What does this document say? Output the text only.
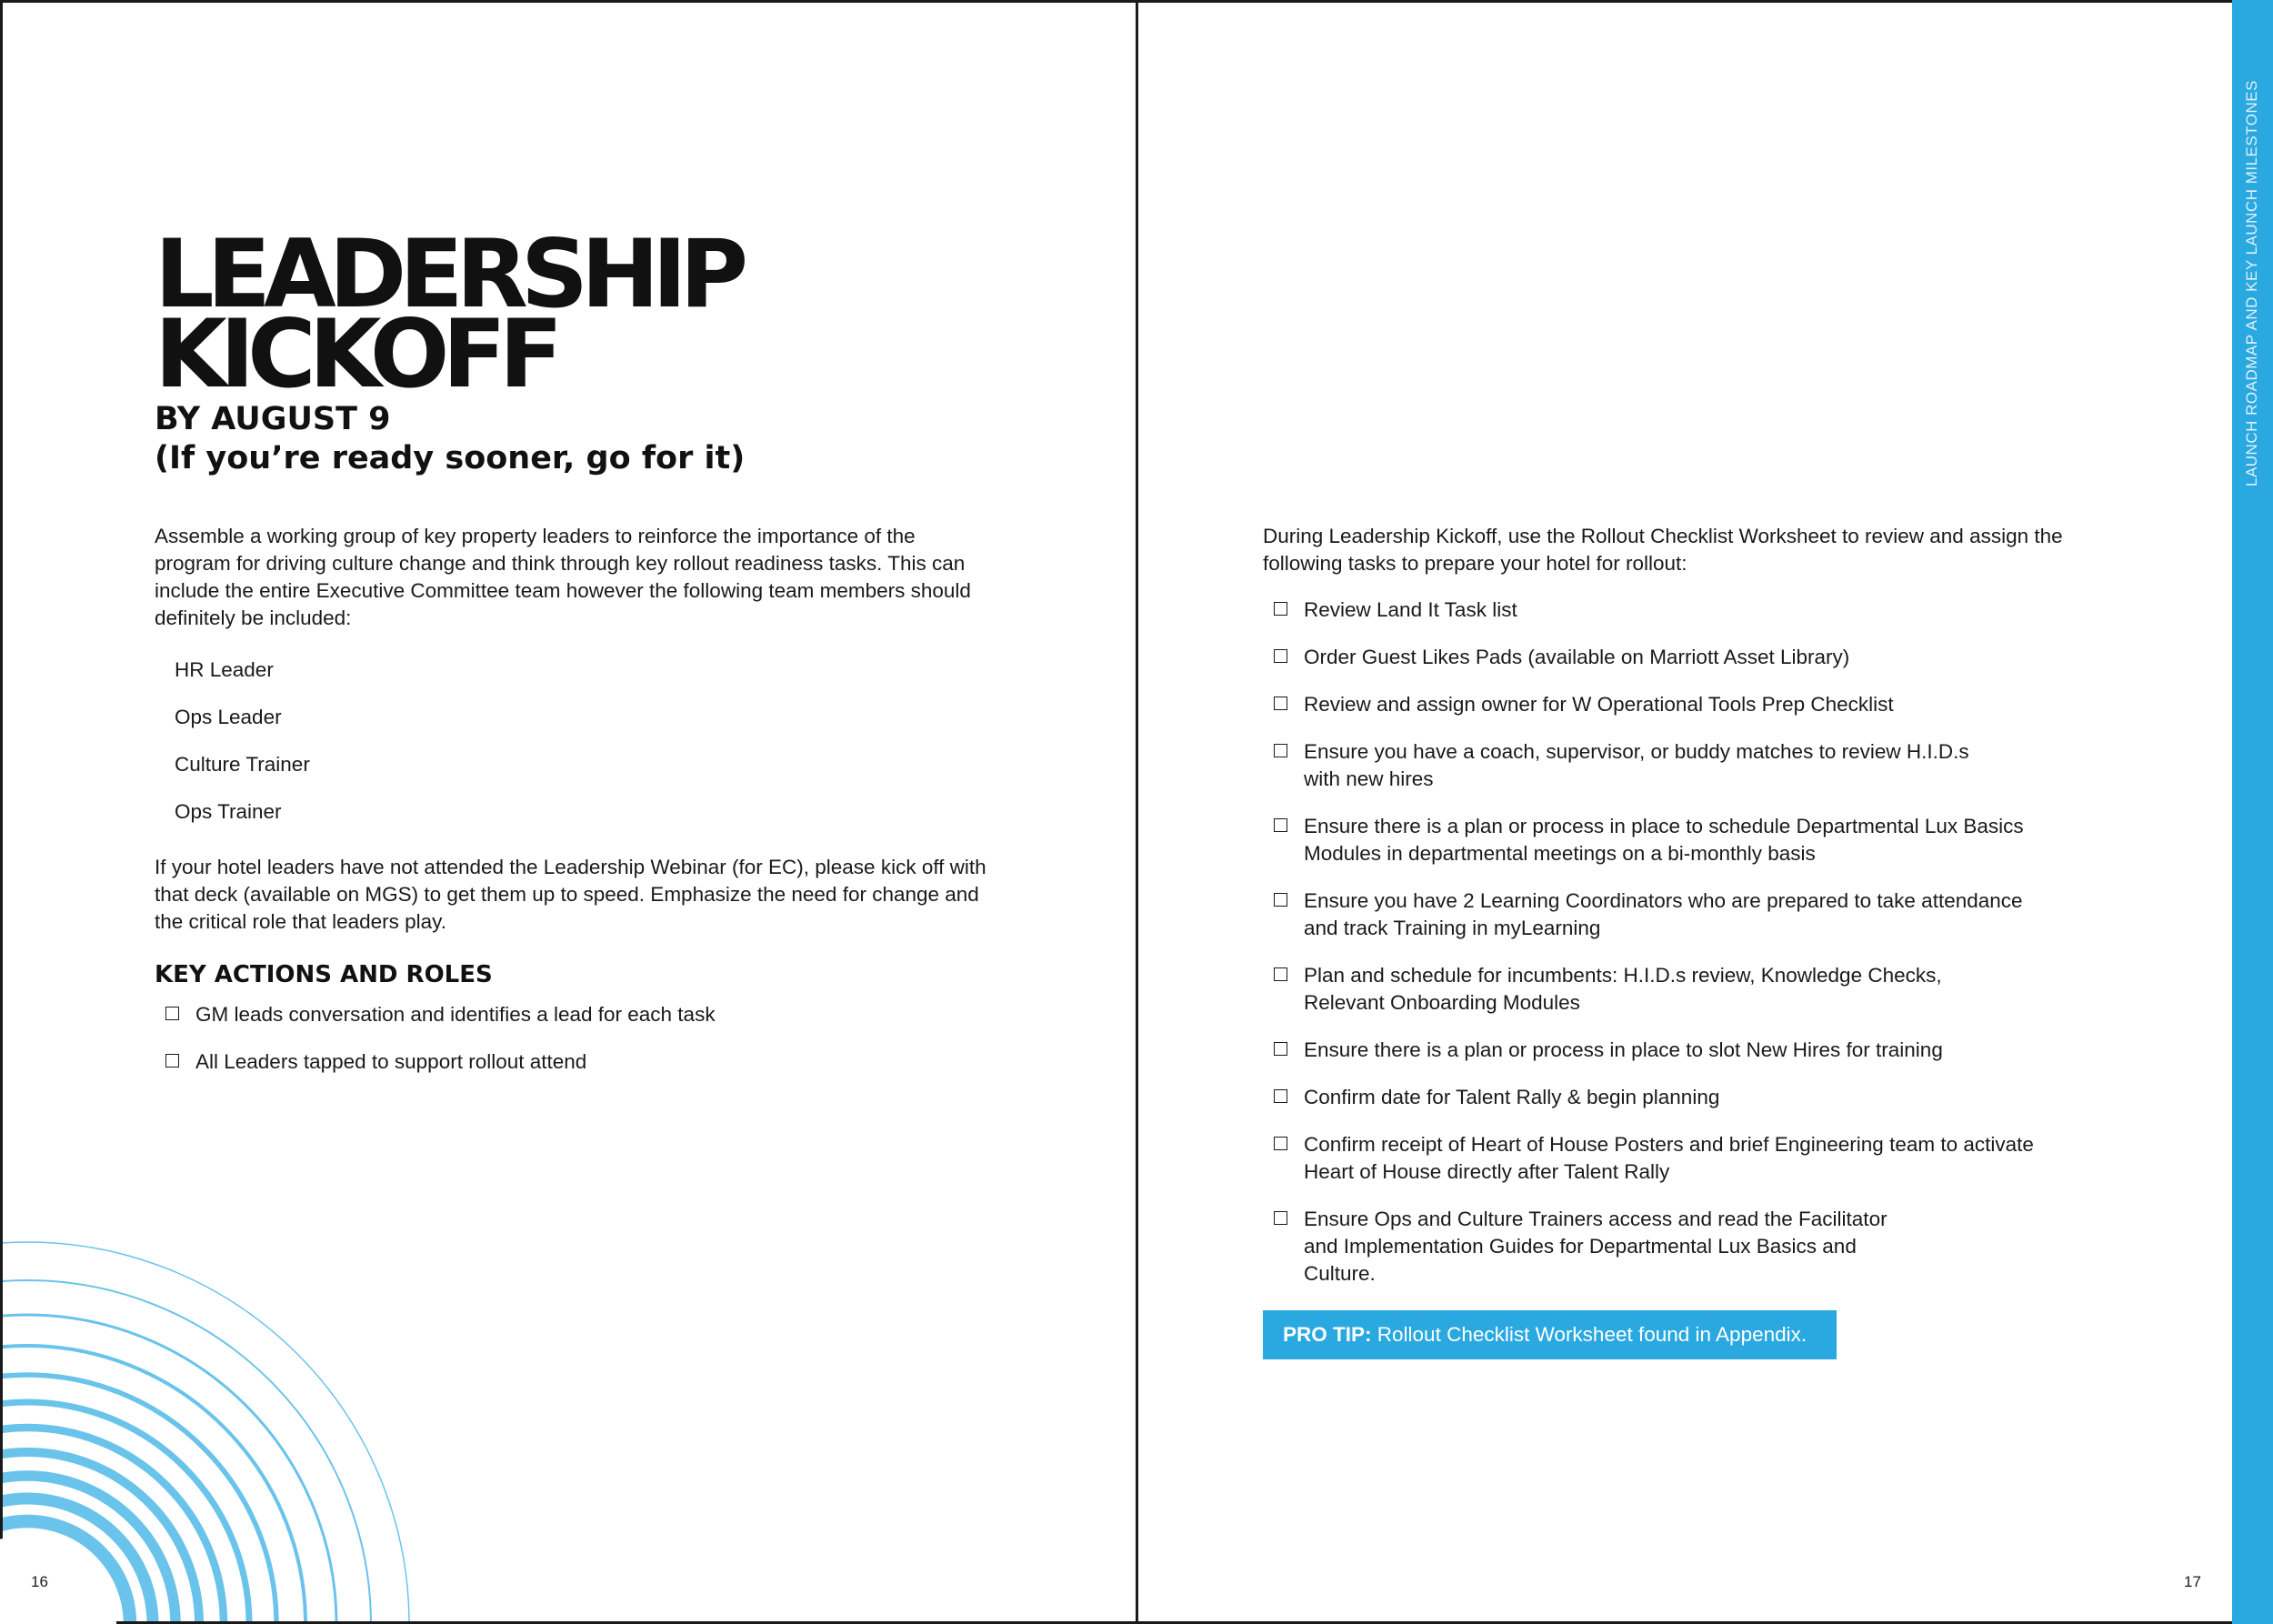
LEADERSHIP
KICKOFF
BY AUGUST 9
(If you’re ready sooner, go for it)

Assemble a working group of key property leaders to reinforce the importance of the program for driving culture change and think through key rollout readiness tasks. This can include the entire Executive Committee team however the following team members should definitely be included:

HR Leader
Ops Leader
Culture Trainer
Ops Trainer

If your hotel leaders have not attended the Leadership Webinar (for EC), please kick off with that deck (available on MGS) to get them up to speed. Emphasize the need for change and the critical role that leaders play.

KEY ACTIONS AND ROLES
GM leads conversation and identifies a lead for each task
All Leaders tapped to support rollout attend
16

During Leadership Kickoff, use the Rollout Checklist Worksheet to review and assign the following tasks to prepare your hotel for rollout:

Review Land It Task list
Order Guest Likes Pads (available on Marriott Asset Library)
Review and assign owner for W Operational Tools Prep Checklist
Ensure you have a coach, supervisor, or buddy matches to review H.I.D.s with new hires
Ensure there is a plan or process in place to schedule Departmental Lux Basics Modules in departmental meetings on a bi-monthly basis
Ensure you have 2 Learning Coordinators who are prepared to take attendance and track Training in myLearning
Plan and schedule for incumbents: H.I.D.s review, Knowledge Checks, Relevant Onboarding Modules
Ensure there is a plan or process in place to slot New Hires for training
Confirm date for Talent Rally & begin planning
Confirm receipt of Heart of House Posters and brief Engineering team to activate Heart of House directly after Talent Rally
Ensure Ops and Culture Trainers access and read the Facilitator and Implementation Guides for Departmental Lux Basics and Culture.
PRO TIP: Rollout Checklist Worksheet found in Appendix.
17
LAUNCH ROADMAP AND KEY LAUNCH MILESTONES
